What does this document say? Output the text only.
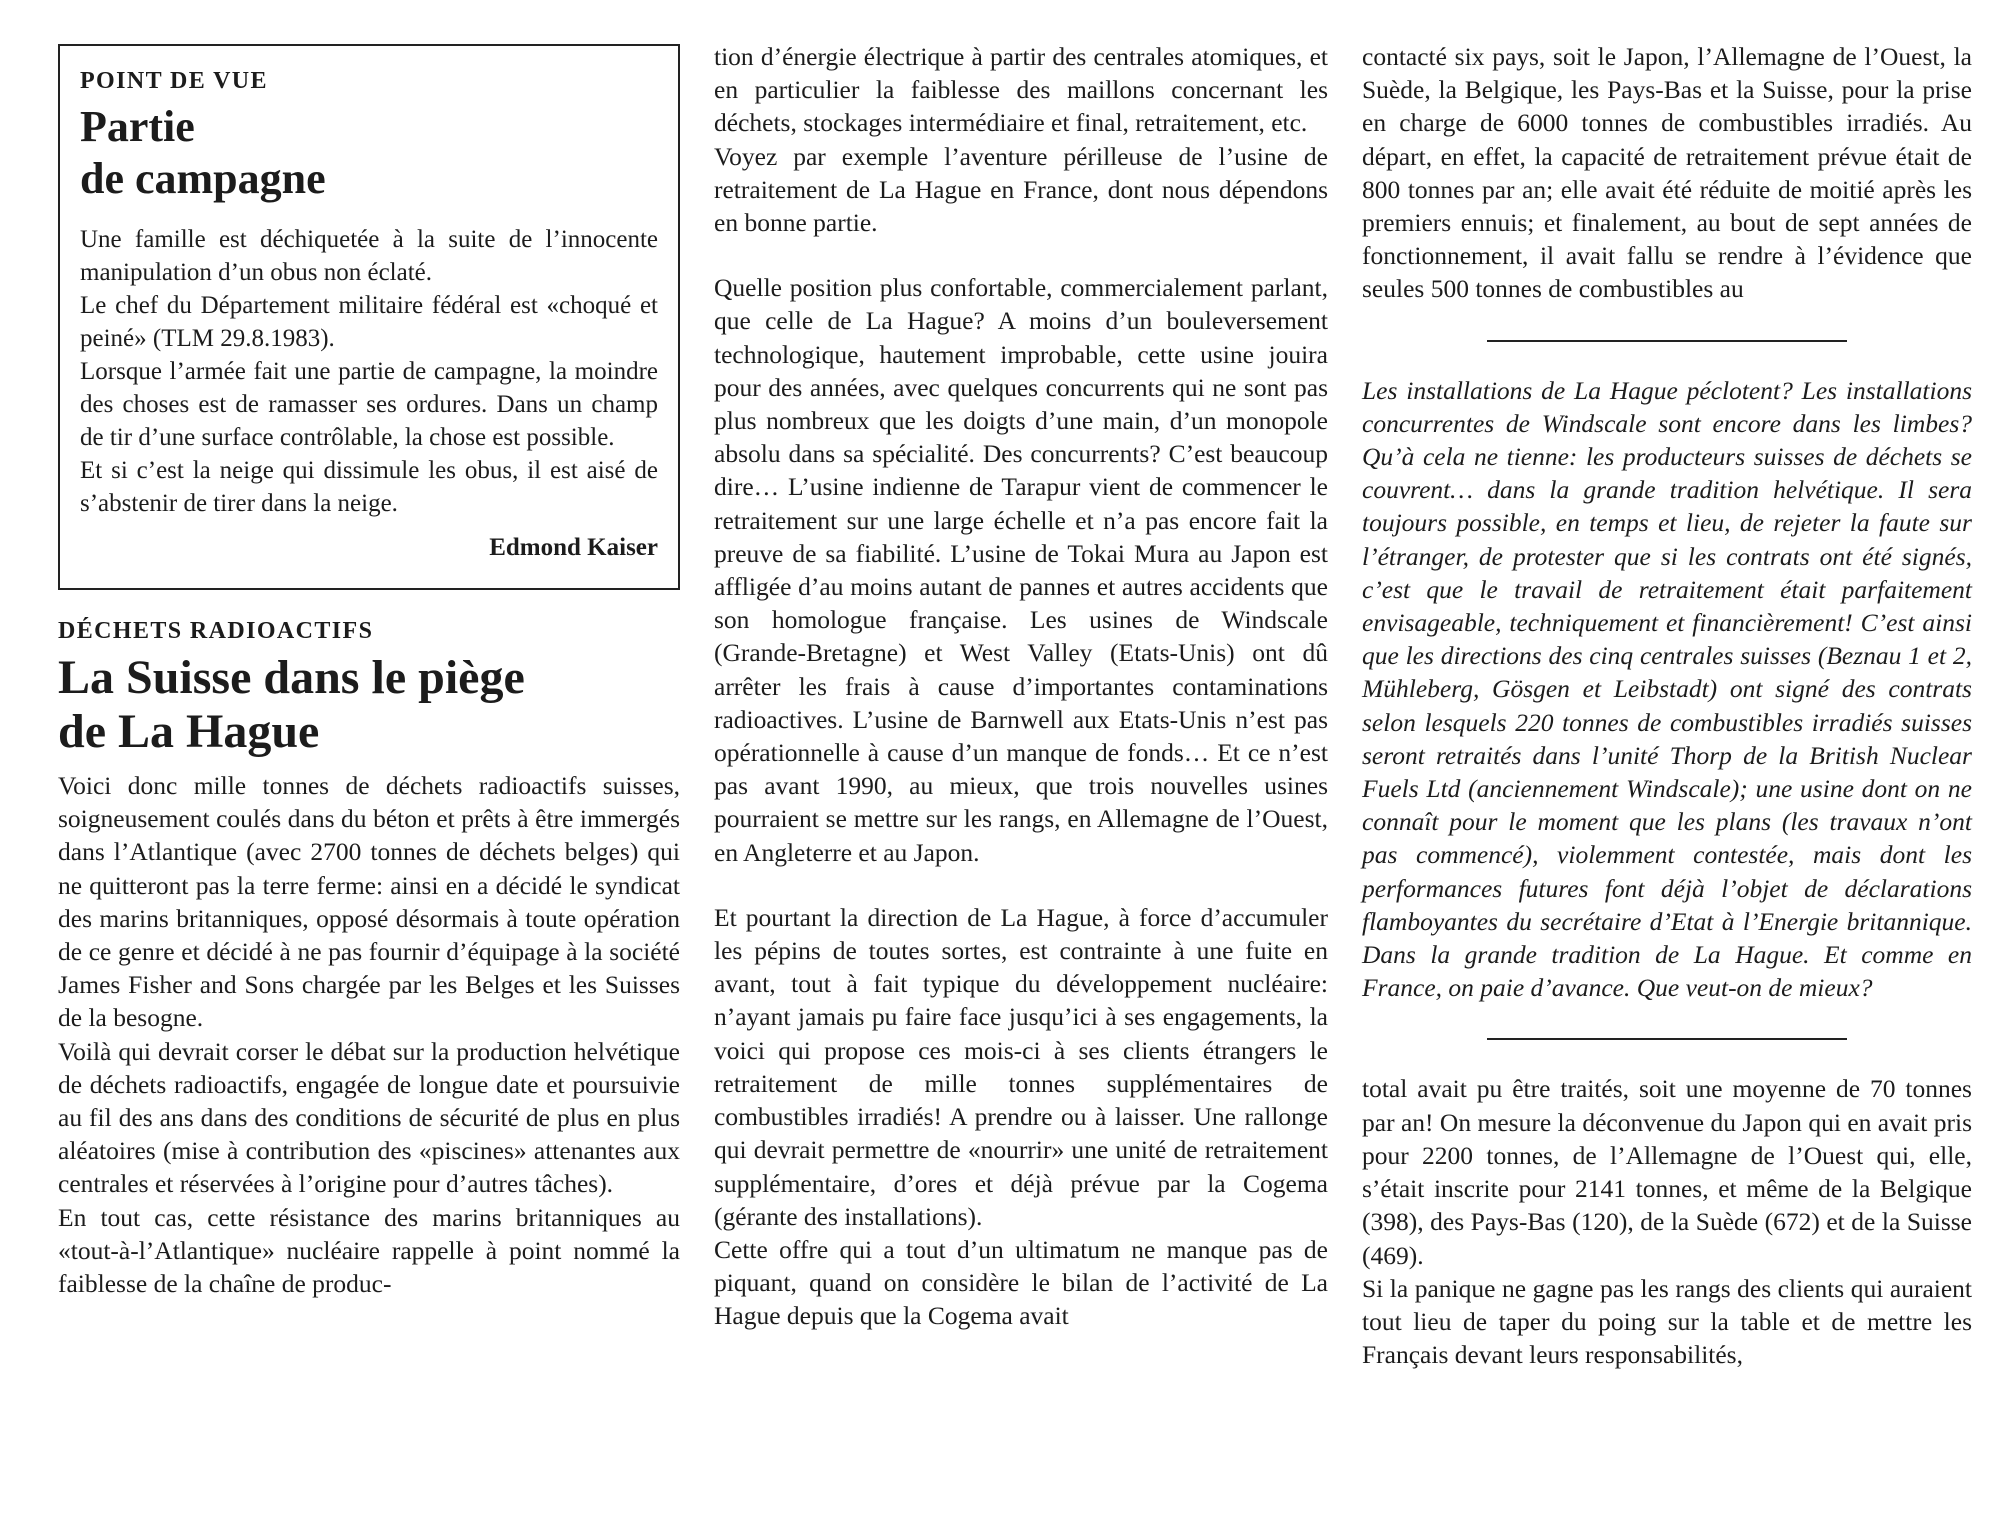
POINT DE VUE
Partie
de campagne

Une famille est déchiquetée à la suite de l’innocente manipulation d’un obus non éclaté.

Le chef du Département militaire fédéral est «choqué et peiné» (TLM 29.8.1983).

Lorsque l’armée fait une partie de campagne, la moindre des choses est de ramasser ses ordures. Dans un champ de tir d’une surface contrôlable, la chose est possible.

Et si c’est la neige qui dissimule les obus, il est aisé de s’abstenir de tirer dans la neige.

Edmond Kaiser
DÉCHETS RADIOACTIFS
La Suisse dans le piège
de La Hague

Voici donc mille tonnes de déchets radioactifs suisses, soigneusement coulés dans du béton et prêts à être immergés dans l’Atlantique (avec 2700 tonnes de déchets belges) qui ne quitteront pas la terre ferme: ainsi en a décidé le syndicat des marins britanniques, opposé désormais à toute opération de ce genre et décidé à ne pas fournir d’équipage à la société James Fisher and Sons chargée par les Belges et les Suisses de la besogne.

Voilà qui devrait corser le débat sur la production helvétique de déchets radioactifs, engagée de longue date et poursuivie au fil des ans dans des conditions de sécurité de plus en plus aléatoires (mise à contribution des «piscines» attenantes aux centrales et réservées à l’origine pour d’autres tâches).

En tout cas, cette résistance des marins britanniques au «tout-à-l’Atlantique» nucléaire rappelle à point nommé la faiblesse de la chaîne de produc-

tion d’énergie électrique à partir des centrales atomiques, et en particulier la faiblesse des maillons concernant les déchets, stockages intermédiaire et final, retraitement, etc.

Voyez par exemple l’aventure périlleuse de l’usine de retraitement de La Hague en France, dont nous dépendons en bonne partie.

Quelle position plus confortable, commercialement parlant, que celle de La Hague? A moins d’un bouleversement technologique, hautement improbable, cette usine jouira pour des années, avec quelques concurrents qui ne sont pas plus nombreux que les doigts d’une main, d’un monopole absolu dans sa spécialité. Des concurrents? C’est beaucoup dire… L’usine indienne de Tarapur vient de commencer le retraitement sur une large échelle et n’a pas encore fait la preuve de sa fiabilité. L’usine de Tokai Mura au Japon est affligée d’au moins autant de pannes et autres accidents que son homologue française. Les usines de Windscale (Grande-Bretagne) et West Valley (Etats-Unis) ont dû arrêter les frais à cause d’importantes contaminations radioactives. L’usine de Barnwell aux Etats-Unis n’est pas opérationnelle à cause d’un manque de fonds… Et ce n’est pas avant 1990, au mieux, que trois nouvelles usines pourraient se mettre sur les rangs, en Allemagne de l’Ouest, en Angleterre et au Japon.

Et pourtant la direction de La Hague, à force d’accumuler les pépins de toutes sortes, est contrainte à une fuite en avant, tout à fait typique du développement nucléaire: n’ayant jamais pu faire face jusqu’ici à ses engagements, la voici qui propose ces mois-ci à ses clients étrangers le retraitement de mille tonnes supplémentaires de combustibles irradiés! A prendre ou à laisser. Une rallonge qui devrait permettre de «nourrir» une unité de retraitement supplémentaire, d’ores et déjà prévue par la Cogema (gérante des installations).

Cette offre qui a tout d’un ultimatum ne manque pas de piquant, quand on considère le bilan de l’activité de La Hague depuis que la Cogema avait

contacté six pays, soit le Japon, l’Allemagne de l’Ouest, la Suède, la Belgique, les Pays-Bas et la Suisse, pour la prise en charge de 6000 tonnes de combustibles irradiés. Au départ, en effet, la capacité de retraitement prévue était de 800 tonnes par an; elle avait été réduite de moitié après les premiers ennuis; et finalement, au bout de sept années de fonctionnement, il avait fallu se rendre à l’évidence que seules 500 tonnes de combustibles au

Les installations de La Hague péclotent? Les installations concurrentes de Windscale sont encore dans les limbes? Qu’à cela ne tienne: les producteurs suisses de déchets se couvrent… dans la grande tradition helvétique. Il sera toujours possible, en temps et lieu, de rejeter la faute sur l’étranger, de protester que si les contrats ont été signés, c’est que le travail de retraitement était parfaitement envisageable, techniquement et financièrement! C’est ainsi que les directions des cinq centrales suisses (Beznau 1 et 2, Mühleberg, Gösgen et Leibstadt) ont signé des contrats selon lesquels 220 tonnes de combustibles irradiés suisses seront retraités dans l’unité Thorp de la British Nuclear Fuels Ltd (anciennement Windscale); une usine dont on ne connaît pour le moment que les plans (les travaux n’ont pas commencé), violemment contestée, mais dont les performances futures font déjà l’objet de déclarations flamboyantes du secrétaire d’Etat à l’Energie britannique. Dans la grande tradition de La Hague. Et comme en France, on paie d’avance. Que veut-on de mieux?

total avait pu être traités, soit une moyenne de 70 tonnes par an! On mesure la déconvenue du Japon qui en avait pris pour 2200 tonnes, de l’Allemagne de l’Ouest qui, elle, s’était inscrite pour 2141 tonnes, et même de la Belgique (398), des Pays-Bas (120), de la Suède (672) et de la Suisse (469).

Si la panique ne gagne pas les rangs des clients qui auraient tout lieu de taper du poing sur la table et de mettre les Français devant leurs responsabilités,
